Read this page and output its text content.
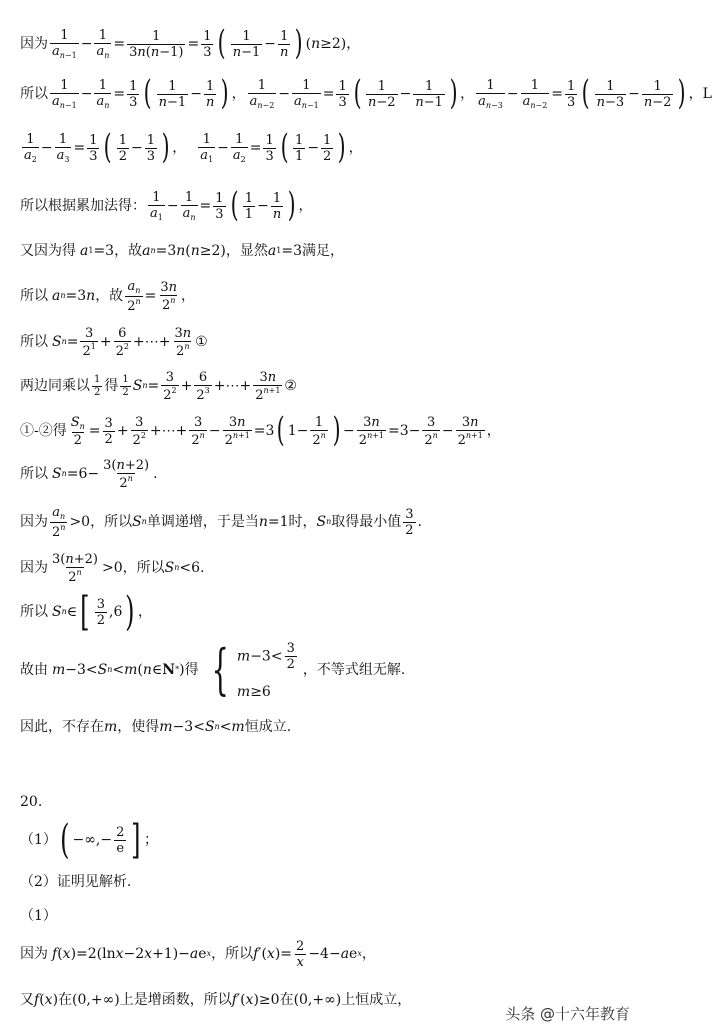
因为 $\frac{1}{a_{n-1}} - \frac{1}{a_n} = \frac{1}{3n(n-1)} = \frac{1}{3}$ ( $\frac{1}{n-1} - \frac{1}{n}$ ) ( n ≥2)，
所以 $\frac{1}{a_{n-1}} - \frac{1}{a_n} = \frac{1}{3}$ ( $\frac{1}{n-1} - \frac{1}{n}$ ) ， $\frac{1}{a_{n-2}} - \frac{1}{a_{n-1}} = \frac{1}{3}$ ( $\frac{1}{n-2} - \frac{1}{n-1}$ ) ， $\frac{1}{a_{n-3}} - \frac{1}{a_{n-2}} = \frac{1}{3}$ ( $\frac{1}{n-3} - \frac{1}{n-2}$ ) ，L
$\frac{1}{a_2} - \frac{1}{a_3} = \frac{1}{3}$ ( $\frac{1}{2} - \frac{1}{3}$ ) ， $\frac{1}{a_1} - \frac{1}{a_2} = \frac{1}{3}$ ( $\frac{1}{1} - \frac{1}{2}$ ) ，
所以根据累加法得： $\frac{1}{a_1} - \frac{1}{a_n} = \frac{1}{3}$ ( $\frac{1}{1} - \frac{1}{n}$ ) ，
又因为得 a 1 =3 ，故 a n =3 n ( n ≥2) ，显然 a 1 =3 满足，
所以 a n =3 n ，故 $\frac{a_n}{2^n} = \frac{3n}{2^n}$ ，
所以 S $n = \frac{3}{2^1} + \frac{6}{2^2}$ +⋯+ $\frac{3n}{2^n}$ ①
两边同乘以 $\frac{1}{2}$ 得 $\frac{1}{2}$ S $n = \frac{3}{2^2} + \frac{6}{2^3}$ +⋯+ $\frac{3n}{2^{n+1}}$ ②
①-②得 $\frac{S_n}{2} = \frac{3}{2} + \frac{3}{2^2}$ +⋯+ $\frac{3}{2^n} - \frac{3n}{2^{n+1}} =3$ ( $1- \frac{1}{2^n}$ ) − $\frac{3n}{2^{n+1}} =3- \frac{3}{2^n} - \frac{3n}{2^{n+1}}$ ，
所以 S $n =6- \frac{3(n+2)}{2^n}$ .
因为 $\frac{a_n}{2^n} >0$ ，所以 S n 单调递增，于是当 n =1 时， S n 取得最小值 $\frac{3}{2}$ .
因为 $\frac{3(n+2)}{2^n} >0$ ，所以 S n <6.
所以 S n ∈ [ $\frac{3}{2} ,6$ ) ，
故由 m −3< S n < m ( n ∈ N * ) 得 { $m-3< \frac{3}{2}$
m≥6
，不等式组无解.
因此，不存在 m ，使得 m −3< S n < m 恒成立.
20.
（1） ( −∞,− $\frac{2}{e}$ ] ；
（2）证明见解析.
（1）
因为 f ( x )=2(ln x −2 x +1)− a e x ，所以 f ′( x )= $\frac{2}{x} -4- a$ e x ，
又 f ( x ) 在 (0,+∞) 上是增函数，所以 f ′( x )≥0 在 (0,+∞) 上恒成立，
头条 @十六年教育
